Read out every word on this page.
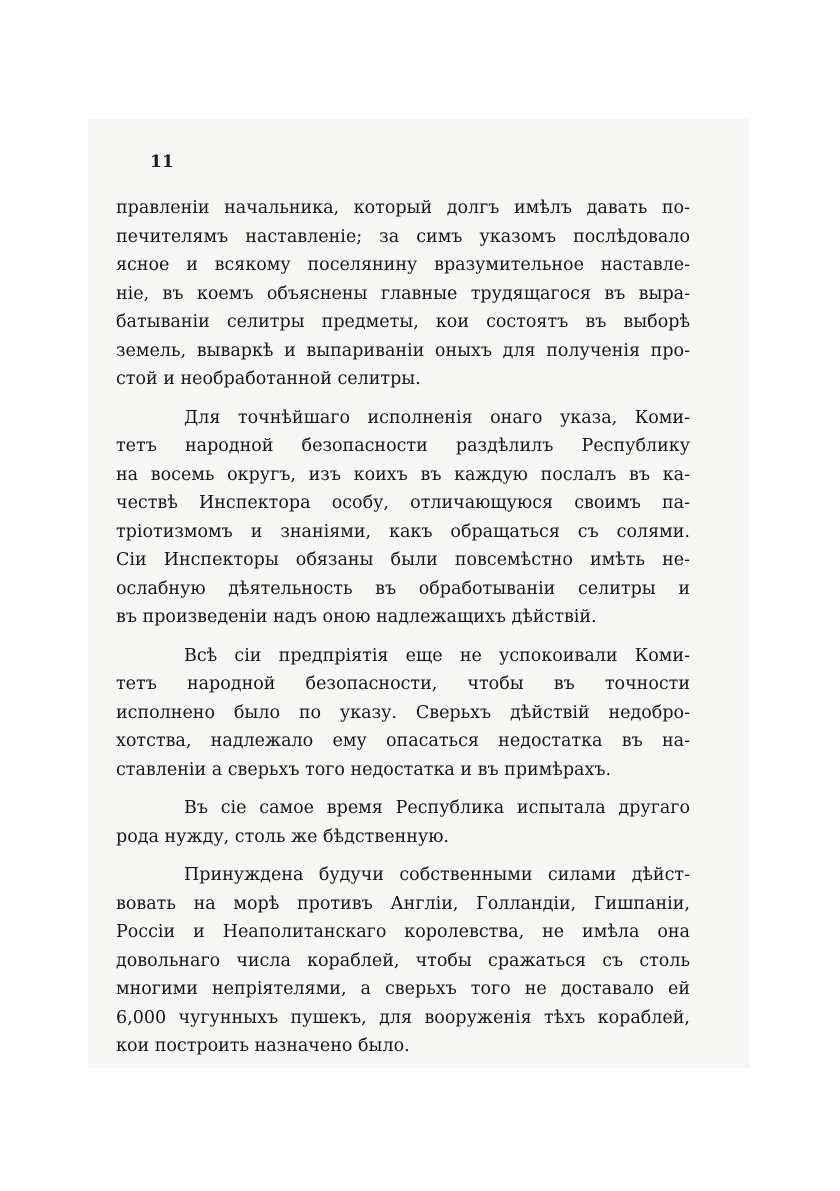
11
правленіи начальника, который долгъ имѣлъ давать по-
печителямъ наставленіе; за симъ указомъ послѣдовало
ясное и всякому поселянину вразумительное наставле-
ніе, въ коемъ объяснены главные трудящагося въ выра-
батываніи селитры предметы, кои состоятъ въ выборѣ
земель, вываркѣ и выпариваніи оныхъ для полученія про-
стой и необработанной селитры.
Для точнѣйшаго исполненія онаго указа, Коми-
тетъ народной безопасности раздѣлилъ Республику
на восемь округъ, изъ коихъ въ каждую послалъ въ ка-
чествѣ Инспектора особу, отличающуюся своимъ па-
тріотизмомъ и знаніями, какъ обращаться съ солями.
Сіи Инспекторы обязаны были повсемѣстно имѣть не-
ослабную дѣятельность въ обработываніи селитры и
въ произведеніи надъ оною надлежащихъ дѣйствій.
Всѣ сіи предпріятія еще не успокоивали Коми-
тетъ народной безопасности, чтобы въ точности
исполнено было по указу. Сверьхъ дѣйствій недобро-
хотства, надлежало ему опасаться недостатка въ на-
ставленіи а сверьхъ того недостатка и въ примѣрахъ.
Въ сіе самое время Республика испытала другаго
рода нужду, столь же бѣдственную.
Принуждена будучи собственными силами дѣйст-
вовать на морѣ противъ Англіи, Голландіи, Гишпаніи,
Россіи и Неаполитанскаго королевства, не имѣла она
довольнаго числа кораблей, чтобы сражаться съ столь
многими непріятелями, а сверьхъ того не доставало ей
6,000 чугунныхъ пушекъ, для вооруженія тѣхъ кораблей,
кои построить назначено было.
